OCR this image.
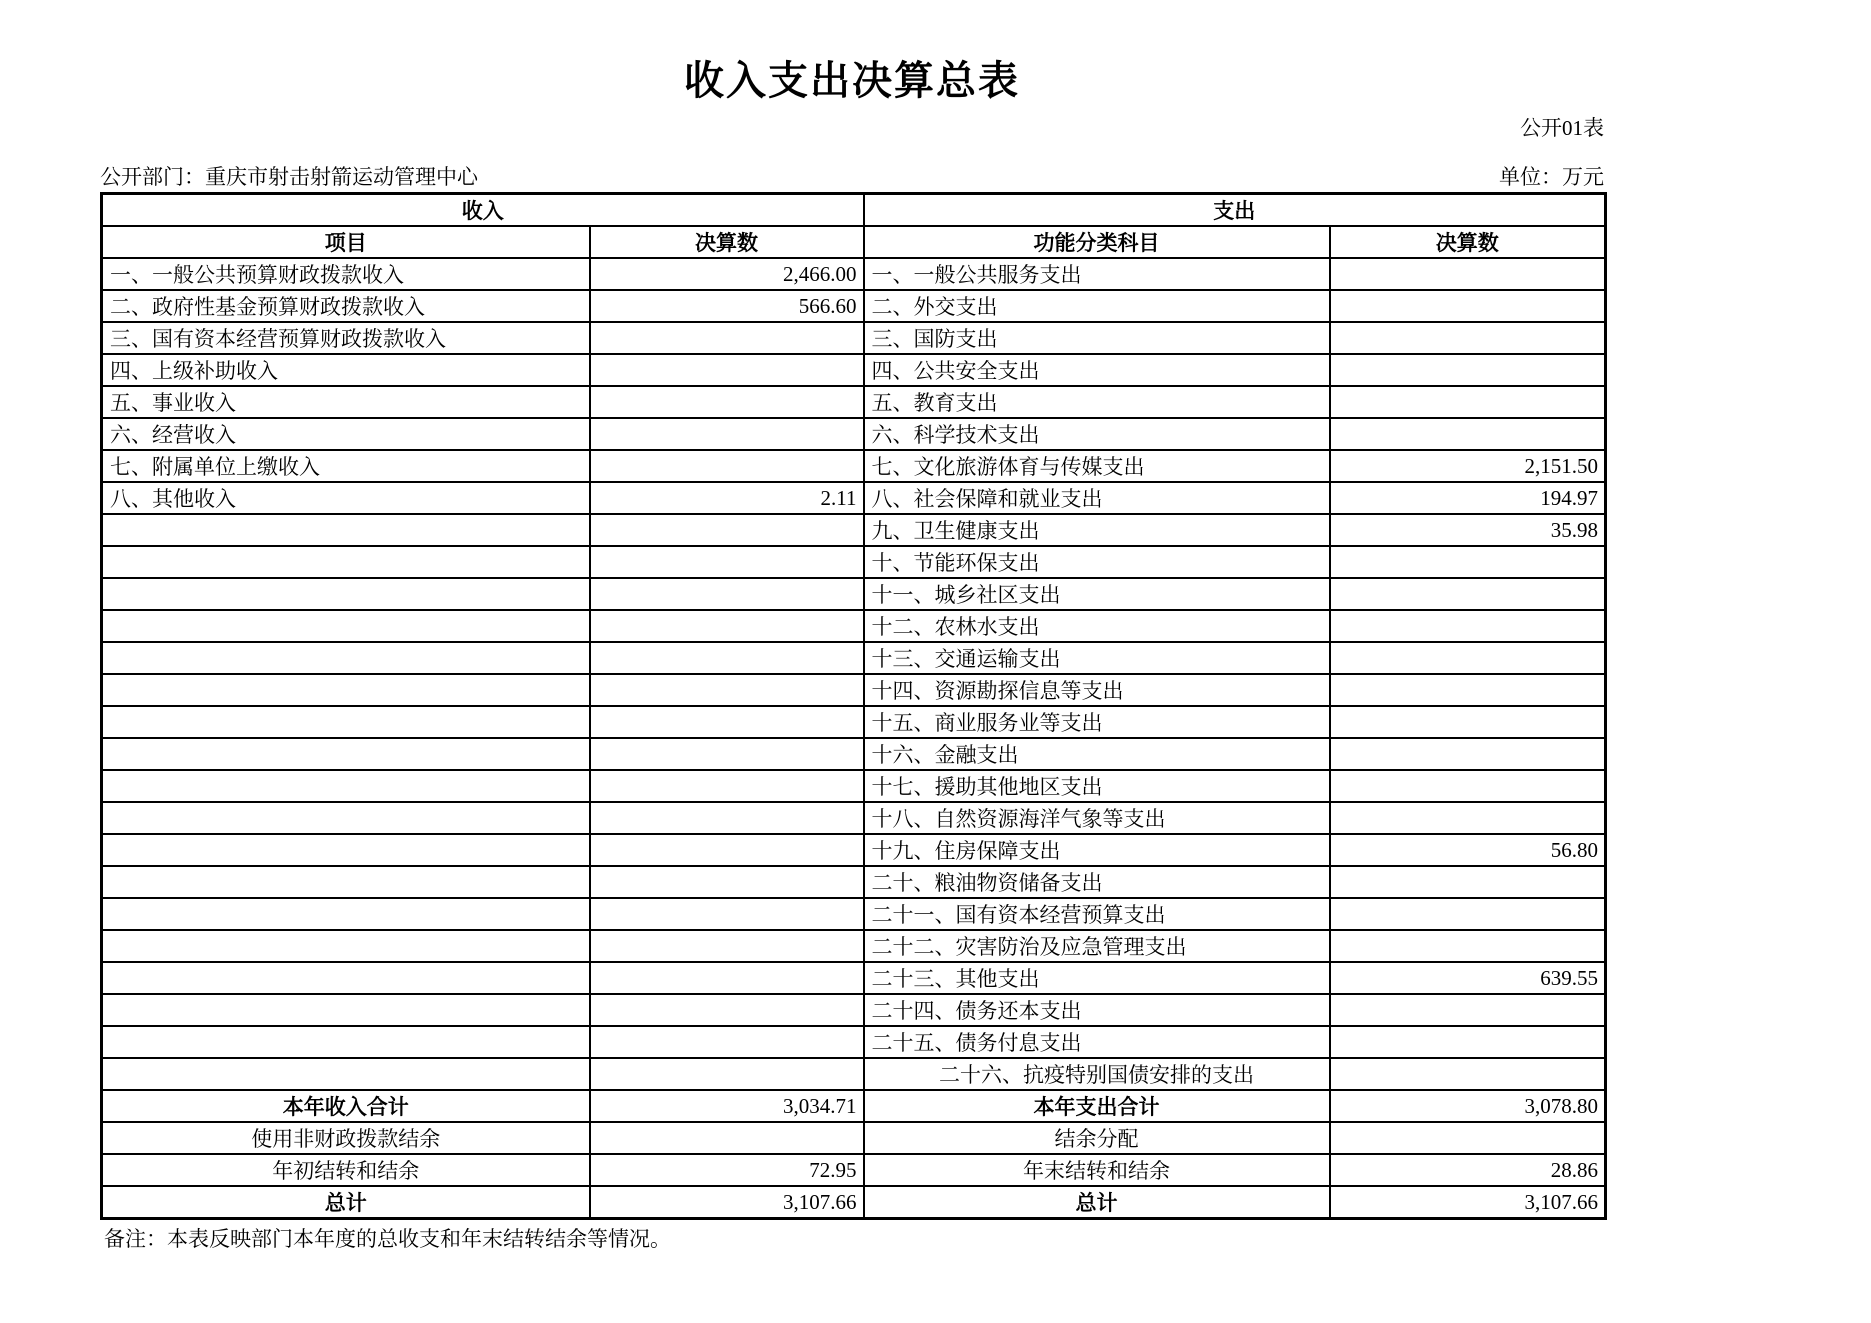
收入支出决算总表
公开01表
公开部门：重庆市射击射箭运动管理中心	单位：万元
收入		支出	
项目	决算数	功能分类科目	决算数
一、一般公共预算财政拨款收入	2,466.00	一、一般公共服务支出	
二、政府性基金预算财政拨款收入	566.60	二、外交支出	
三、国有资本经营预算财政拨款收入		三、国防支出	
四、上级补助收入		四、公共安全支出	
五、事业收入		五、教育支出	
六、经营收入		六、科学技术支出	
七、附属单位上缴收入		七、文化旅游体育与传媒支出	2,151.50
八、其他收入	2.11	八、社会保障和就业支出	194.97
		九、卫生健康支出	35.98
		十、节能环保支出	
		十一、城乡社区支出	
		十二、农林水支出	
		十三、交通运输支出	
		十四、资源勘探信息等支出	
		十五、商业服务业等支出	
		十六、金融支出	
		十七、援助其他地区支出	
		十八、自然资源海洋气象等支出	
		十九、住房保障支出	56.80
		二十、粮油物资储备支出	
		二十一、国有资本经营预算支出	
		二十二、灾害防治及应急管理支出	
		二十三、其他支出	639.55
		二十四、债务还本支出	
		二十五、债务付息支出	
		二十六、抗疫特别国债安排的支出	
本年收入合计	3,034.71	本年支出合计	3,078.80
使用非财政拨款结余		结余分配	
年初结转和结余	72.95	年末结转和结余	28.86
总计	3,107.66	总计	3,107.66
备注：本表反映部门本年度的总收支和年末结转结余等情况。
